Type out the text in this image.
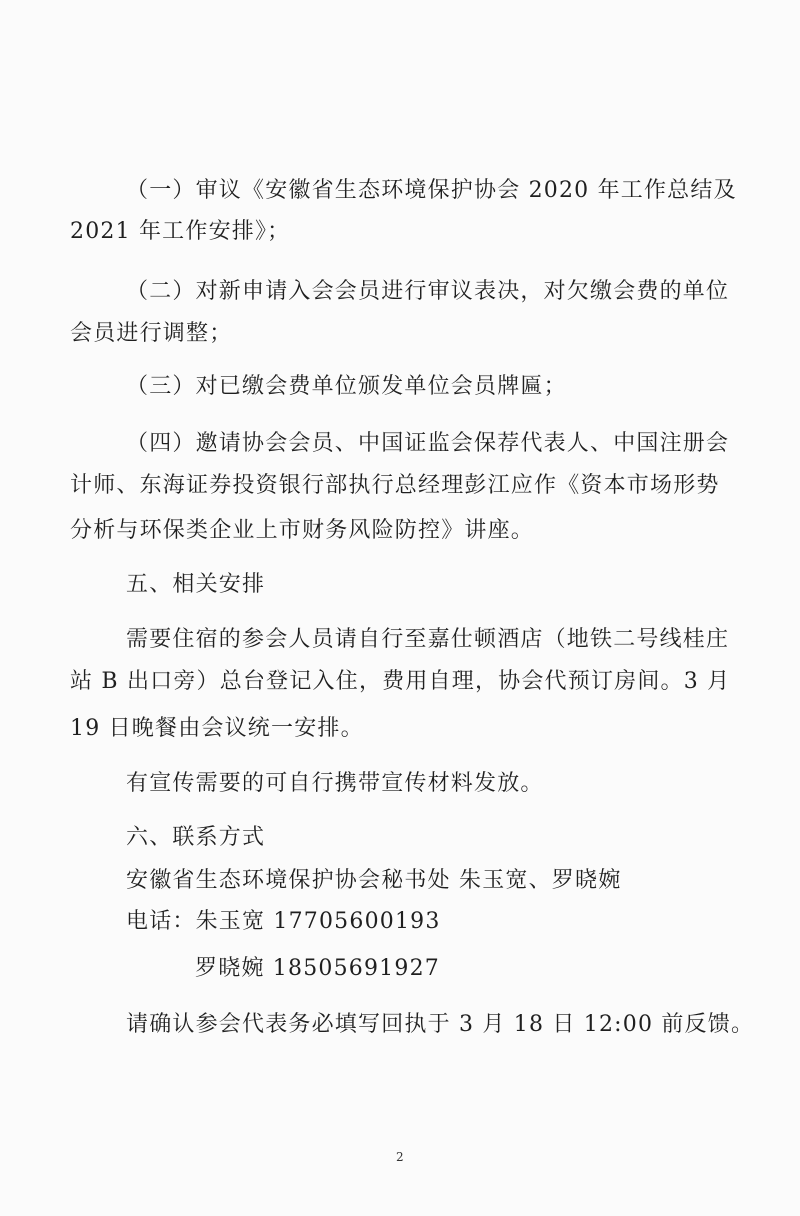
（一）审议《安徽省生态环境保护协会 2020 年工作总结及
2021 年工作安排》；
（二）对新申请入会会员进行审议表决，对欠缴会费的单位
会员进行调整；
（三）对已缴会费单位颁发单位会员牌匾；
（四）邀请协会会员、中国证监会保荐代表人、中国注册会
计师、东海证券投资银行部执行总经理彭江应作《资本市场形势
分析与环保类企业上市财务风险防控》讲座。
五、相关安排
需要住宿的参会人员请自行至嘉仕顿酒店（地铁二号线桂庄
站 B 出口旁）总台登记入住，费用自理，协会代预订房间。3 月
19 日晚餐由会议统一安排。
有宣传需要的可自行携带宣传材料发放。
六、联系方式
安徽省生态环境保护协会秘书处 朱玉宽、罗晓婉
电话：朱玉宽 17705600193
罗晓婉 18505691927
请确认参会代表务必填写回执于 3 月 18 日 12:00 前反馈。
2
